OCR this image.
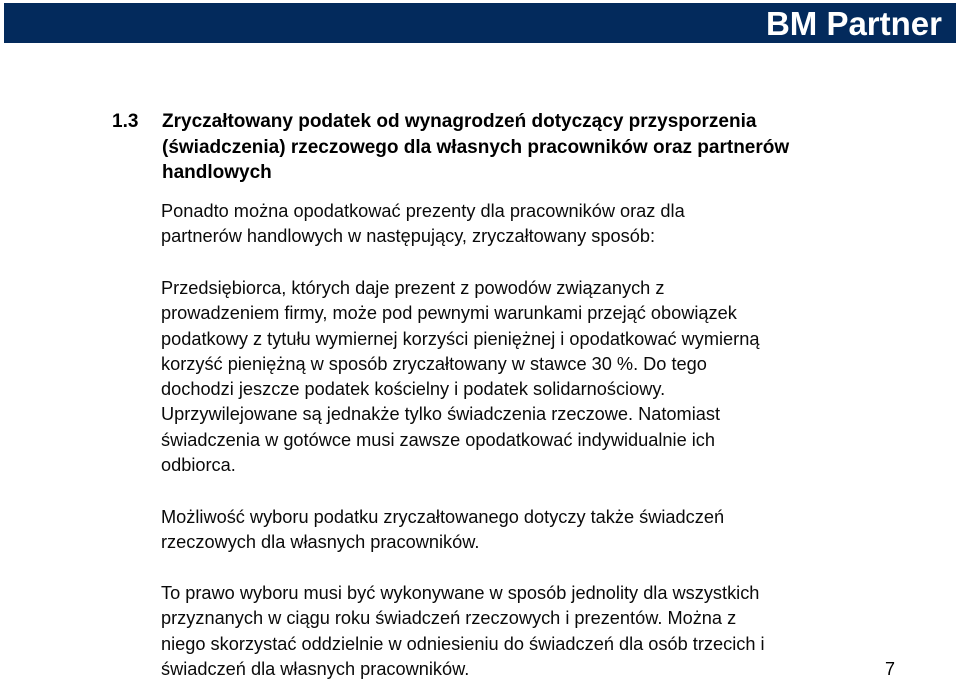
BM Partner
1.3 Zryczałtowany podatek od wynagrodzeń dotyczący przysporzenia
(świadczenia) rzeczowego dla własnych pracowników oraz partnerów
handlowych
Ponadto można opodatkować prezenty dla pracowników oraz dla
partnerów handlowych w następujący, zryczałtowany sposób:
Przedsiębiorca, których daje prezent z powodów związanych z
prowadzeniem firmy, może pod pewnymi warunkami przejąć obowiązek
podatkowy z tytułu wymiernej korzyści pieniężnej i opodatkować wymierną
korzyść pieniężną w sposób zryczałtowany w stawce 30 %. Do tego
dochodzi jeszcze podatek kościelny i podatek solidarnościowy.
Uprzywilejowane są jednakże tylko świadczenia rzeczowe. Natomiast
świadczenia w gotówce musi zawsze opodatkować indywidualnie ich
odbiorca.
Możliwość wyboru podatku zryczałtowanego dotyczy także świadczeń
rzeczowych dla własnych pracowników.
To prawo wyboru musi być wykonywane w sposób jednolity dla wszystkich
przyznanych w ciągu roku świadczeń rzeczowych i prezentów. Można z
niego skorzystać oddzielnie w odniesieniu do świadczeń dla osób trzecich i
świadczeń dla własnych pracowników.	7
